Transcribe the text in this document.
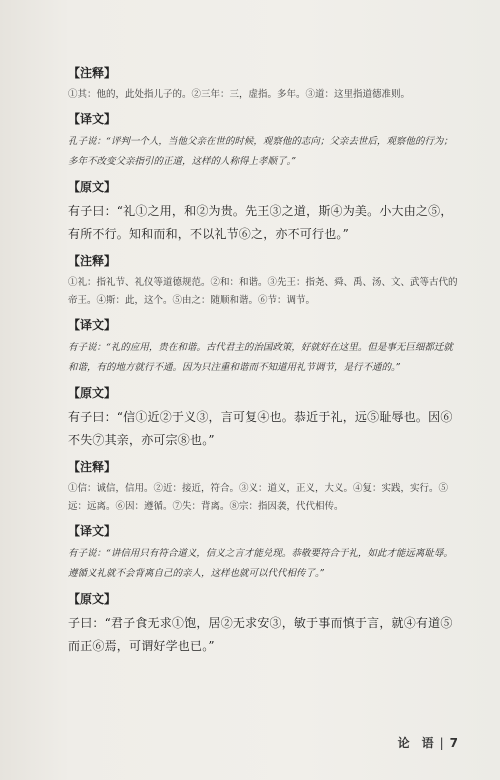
【注释】

①其：他的，此处指儿子的。②三年：三，虚指。多年。③道：这里指道德准则。

【译文】

孔子说：“评判一个人，当他父亲在世的时候，观察他的志向；父亲去世后，观察他的行为；多年不改变父亲指引的正道，这样的人称得上孝顺了。”

【原文】

有子曰：“礼①之用，和②为贵。先王③之道，斯④为美。小大由之⑤，有所不行。知和而和，不以礼节⑥之，亦不可行也。”

【注释】

①礼：指礼节、礼仪等道德规范。②和：和谐。③先王：指尧、舜、禹、汤、文、武等古代的帝王。④斯：此，这个。⑤由之：随顺和谐。⑥节：调节。

【译文】

有子说：“礼的应用，贵在和谐。古代君主的治国政策，好就好在这里。但是事无巨细都迁就和谐，有的地方就行不通。因为只注重和谐而不知道用礼节调节，是行不通的。”

【原文】

有子曰：“信①近②于义③，言可复④也。恭近于礼，远⑤耻辱也。因⑥不失⑦其亲，亦可宗⑧也。”

【注释】

①信：诚信，信用。②近：接近，符合。③义：道义，正义，大义。④复：实践，实行。⑤远：远离。⑥因：遵循。⑦失：背离。⑧宗：指因袭，代代相传。

【译文】

有子说：“讲信用只有符合道义，信义之言才能兑现。恭敬要符合于礼，如此才能远离耻辱。遵循义礼就不会背离自己的亲人，这样也就可以代代相传了。”

【原文】

子曰：“君子食无求①饱，居②无求安③，敏于事而慎于言，就④有道⑤而正⑥焉，可谓好学也已。”

论　语 | 7
